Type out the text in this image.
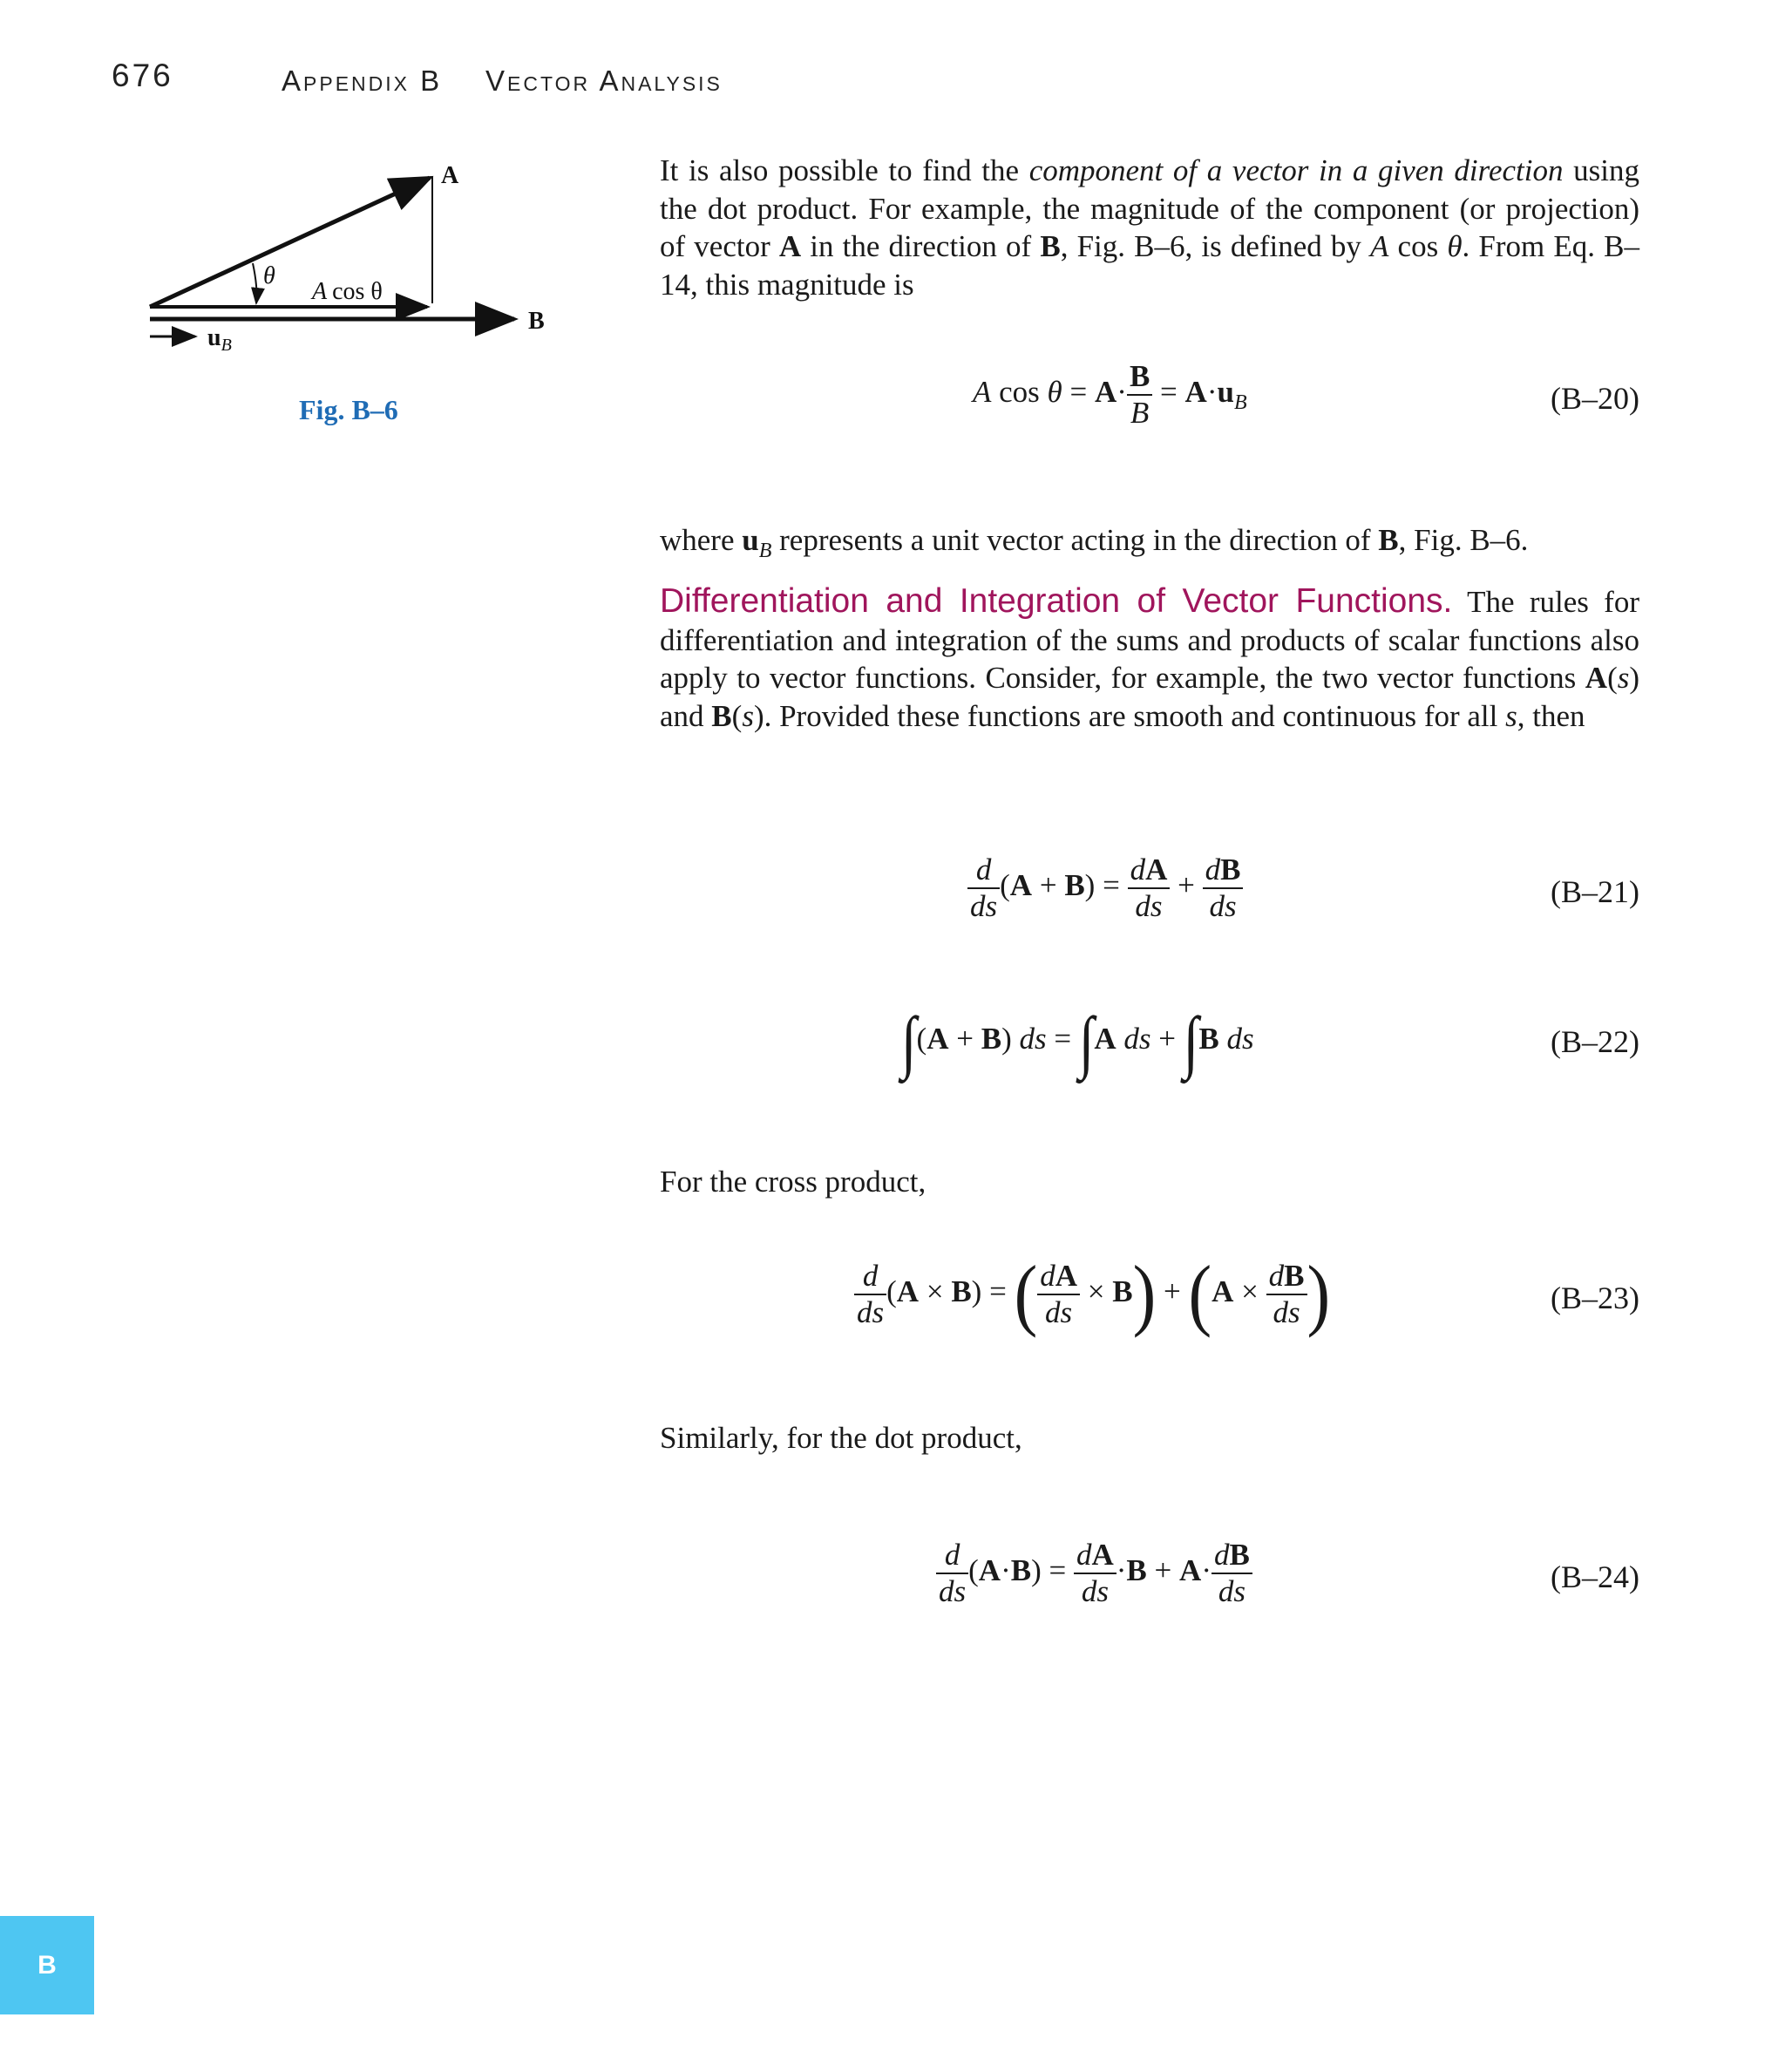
676	Appendix B Vector Analysis
A
B
θ
A cos θ
$u_B$
Fig. B–6
It is also possible to find the component of a vector in a given direction using the dot product. For example, the magnitude of the component (or projection) of vector A in the direction of B, Fig. B–6, is defined by A cos θ. From Eq. B–14, this magnitude is
A $\cos \theta = A\cdot \frac{B}{B} = A\cdot u_B$	(B–20)
where $u_B$ represents a unit vector acting in the direction of B, Fig. B–6.
Differentiation and Integration of Vector Functions. The rules for differentiation and integration of the sums and products of scalar functions also apply to vector functions. Consider, for example, the two vector functions A(s) and B(s). Provided these functions are smooth and continuous for all s, then
$\frac{d}{ds} (A + B) = \frac{dA}{ds} + \frac{dB}{ds}$	(B–21)
∫(A + B) ds = ∫A ds + ∫B ds	(B–22)
For the cross product,
$\frac{d}{ds} (A \times B)$ = ( $\frac{dA}{ds} \times B) + (A \times \frac{dB}{ds}$ )	(B–23)
Similarly, for the dot product,
$\frac{d}{ds} (A\cdot B) = \frac{dA}{ds} \cdot B + A\cdot \frac{dB}{ds}$	(B–24)
B
